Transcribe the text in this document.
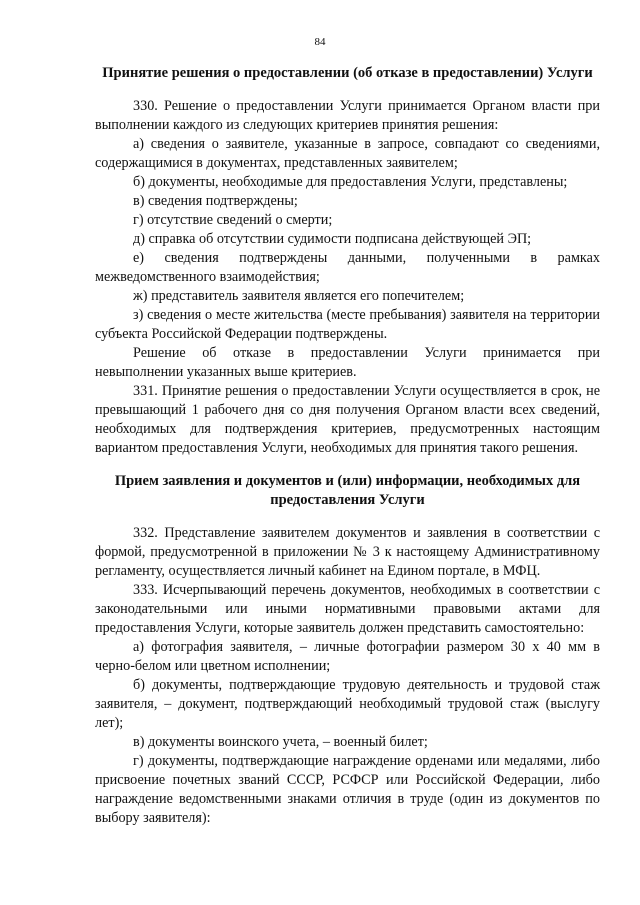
84
Принятие решения о предоставлении (об отказе в предоставлении) Услуги

330. Решение о предоставлении Услуги принимается Органом власти при выполнении каждого из следующих критериев принятия решения:

а) сведения о заявителе, указанные в запросе, совпадают со сведениями, содержащимися в документах, представленных заявителем;

б) документы, необходимые для предоставления Услуги, представлены;

в) сведения подтверждены;

г) отсутствие сведений о смерти;

д) справка об отсутствии судимости подписана действующей ЭП;

е) сведения подтверждены данными, полученными в рамках межведомственного взаимодействия;

ж) представитель заявителя является его попечителем;

з) сведения о месте жительства (месте пребывания) заявителя на территории субъекта Российской Федерации подтверждены.

Решение об отказе в предоставлении Услуги принимается при невыполнении указанных выше критериев.

331. Принятие решения о предоставлении Услуги осуществляется в срок, не превышающий 1 рабочего дня со дня получения Органом власти всех сведений, необходимых для подтверждения критериев, предусмотренных настоящим вариантом предоставления Услуги, необходимых для принятия такого решения.

Прием заявления и документов и (или) информации, необходимых для предоставления Услуги

332. Представление заявителем документов и заявления в соответствии с формой, предусмотренной в приложении № 3 к настоящему Административному регламенту, осуществляется личный кабинет на Едином портале, в МФЦ.

333. Исчерпывающий перечень документов, необходимых в соответствии с законодательными или иными нормативными правовыми актами для предоставления Услуги, которые заявитель должен представить самостоятельно:

а) фотография заявителя, – личные фотографии размером 30 х 40 мм в черно-белом или цветном исполнении;

б) документы, подтверждающие трудовую деятельность и трудовой стаж заявителя, – документ, подтверждающий необходимый трудовой стаж (выслугу лет);

в) документы воинского учета, – военный билет;

г) документы, подтверждающие награждение орденами или медалями, либо присвоение почетных званий СССР, РСФСР или Российской Федерации, либо награждение ведомственными знаками отличия в труде (один из документов по выбору заявителя):
